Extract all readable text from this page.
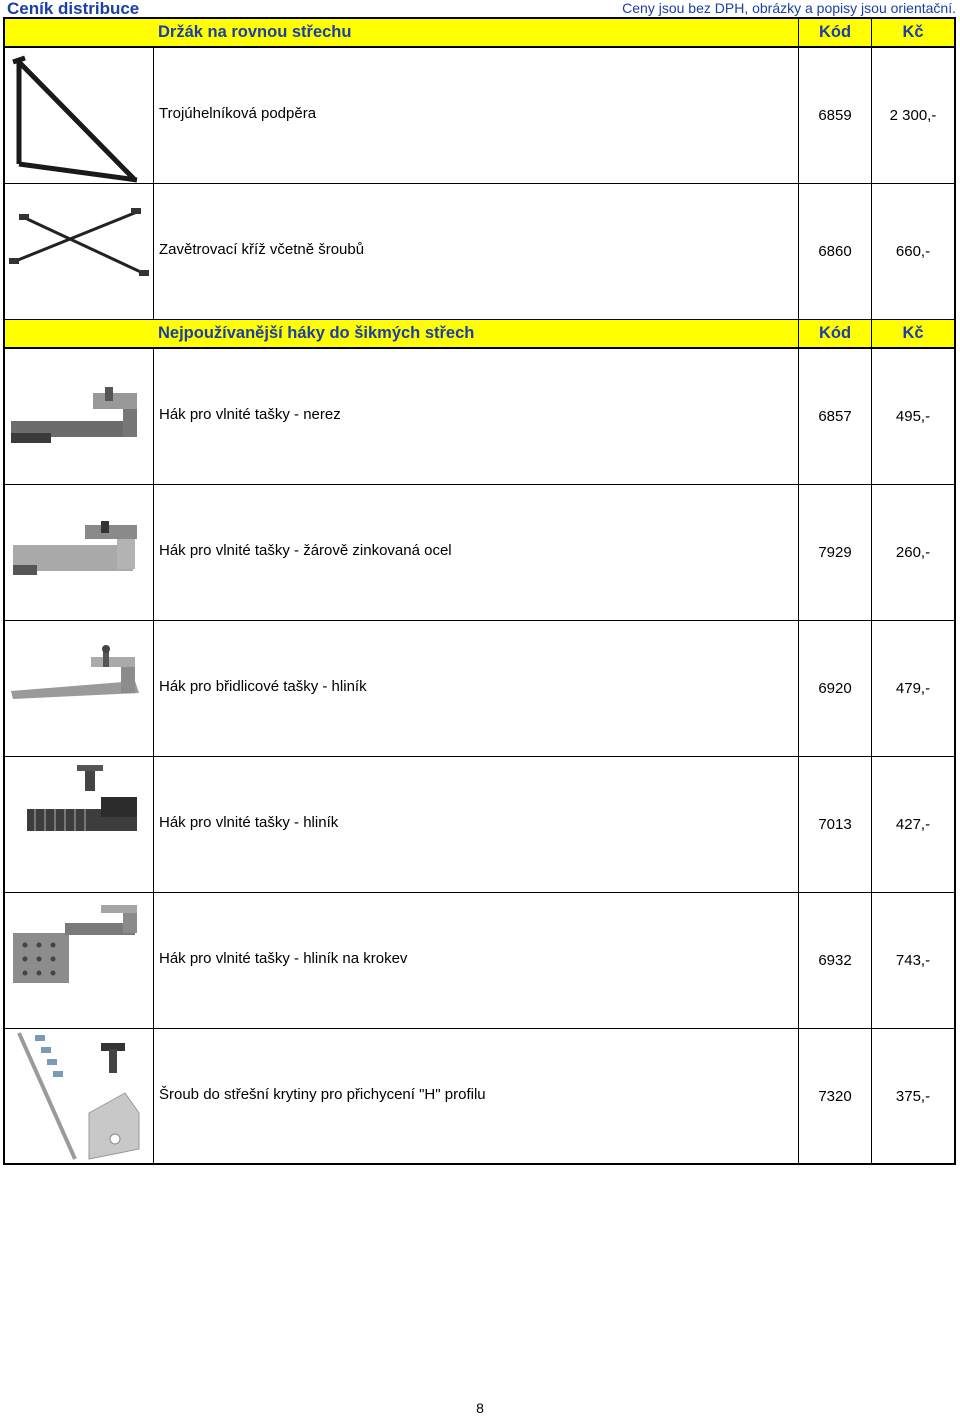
Ceník distribuce	Ceny jsou bez DPH, obrázky a popisy jsou orientační.
Držák na rovnou střechu	Kód	Kč
Trojúhelníková podpěra	6859	2 300,-
Zavětrovací kříž včetně šroubů	6860	660,-
Nejpoužívanější háky do šikmých střech	Kód	Kč
Hák pro vlnité tašky - nerez	6857	495,-
Hák pro vlnité tašky - žárově zinkovaná ocel	7929	260,-
Hák pro břidlicové tašky - hliník	6920	479,-
Hák pro vlnité tašky - hliník	7013	427,-
Hák pro vlnité tašky - hliník na krokev	6932	743,-
Šroub do střešní krytiny pro přichycení "H" profilu	7320	375,-
8
